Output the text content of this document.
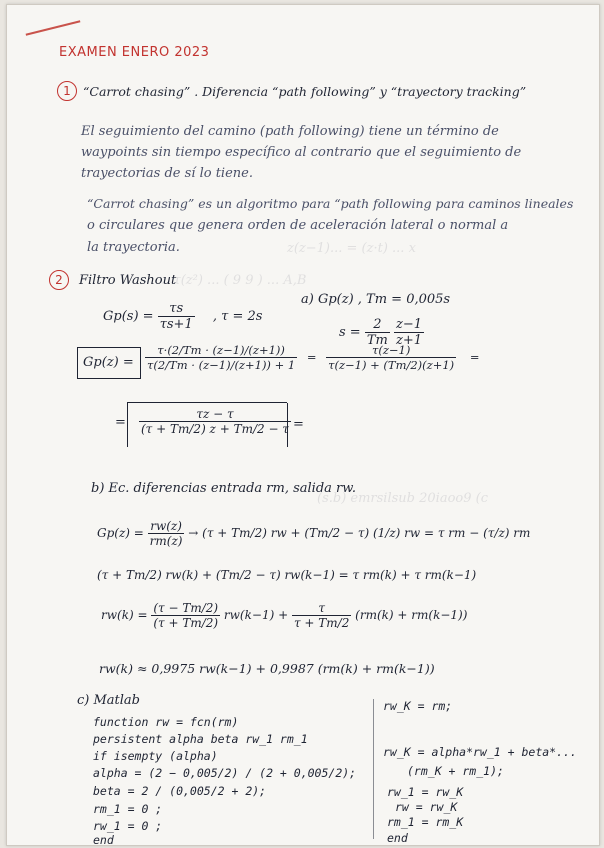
z(z−1)... = (z·t) ... x
... τ(z²) ... ( 9 9 ) ... A,B
(s.b) emrsilsub 20iaoo9 (c
EXAMEN ENERO 2023
1 “Carrot chasing” . Diferencia “path following” y “trayectory tracking”
El seguimiento del camino (path following) tiene un término de
waypoints sin tiempo específico al contrario que el seguimiento de
trayectorias de sí lo tiene.
“Carrot chasing” es un algoritmo para “path following para caminos lineales
o circulares que genera orden de aceleración lateral o normal a
la trayectoria.
2	Filtro Washout
$Gp(s) = \frac{\tau s}{\tau s+1}$ , τ = 2s
a) Gp(z) , Tm = 0,005s
$s = \frac{2}{Tm}$
$\frac{z-1}{z+1}$
$Gp(z) = \frac{\tau\cdot(2/Tm \cdot (z-1)/(z+1))}{\tau(2/Tm \cdot (z-1)/(z+1)) + 1} = \frac{\tau(z-1)}{\tau(z-1) + (Tm/2)(z+1)}$ =
= $\frac{\tau z - \tau}{(\tau + Tm/2) z + Tm/2 - \tau}$ =
b) Ec. diferencias entrada rm, salida rw.
$Gp(z) = \frac{rw(z)}{rm(z)} \to (\tau + Tm/2)$ rw + (Tm/2 − τ) (1/z) rw = τ rm − (τ/z) rm
(τ + Tm/2) rw(k) + (Tm/2 − τ) rw(k−1) = τ rm(k) + τ rm(k−1)
$rw(k) = \frac{(\tau - Tm/2)}{(\tau + Tm/2)} rw(k-1) + \frac{\tau}{\tau + Tm/2} (rm(k) + rm(k-1))$
rw(k) ≈ 0,9975 rw(k−1) + 0,9987 (rm(k) + rm(k−1))
c) Matlab
function rw = fcn(rm)
persistent alpha beta rw_1 rm_1
if isempty (alpha)
alpha = (2 − 0,005/2) / (2 + 0,005/2);
beta = 2 / (0,005/2 + 2);
rm_1 = 0 ;
rw_1 = 0 ;
end
rw_K = rm;
rw_K = alpha*rw_1 + beta*...
(rm_K + rm_1);
rw_1 = rw_K
rw = rw_K
rm_1 = rm_K
end
